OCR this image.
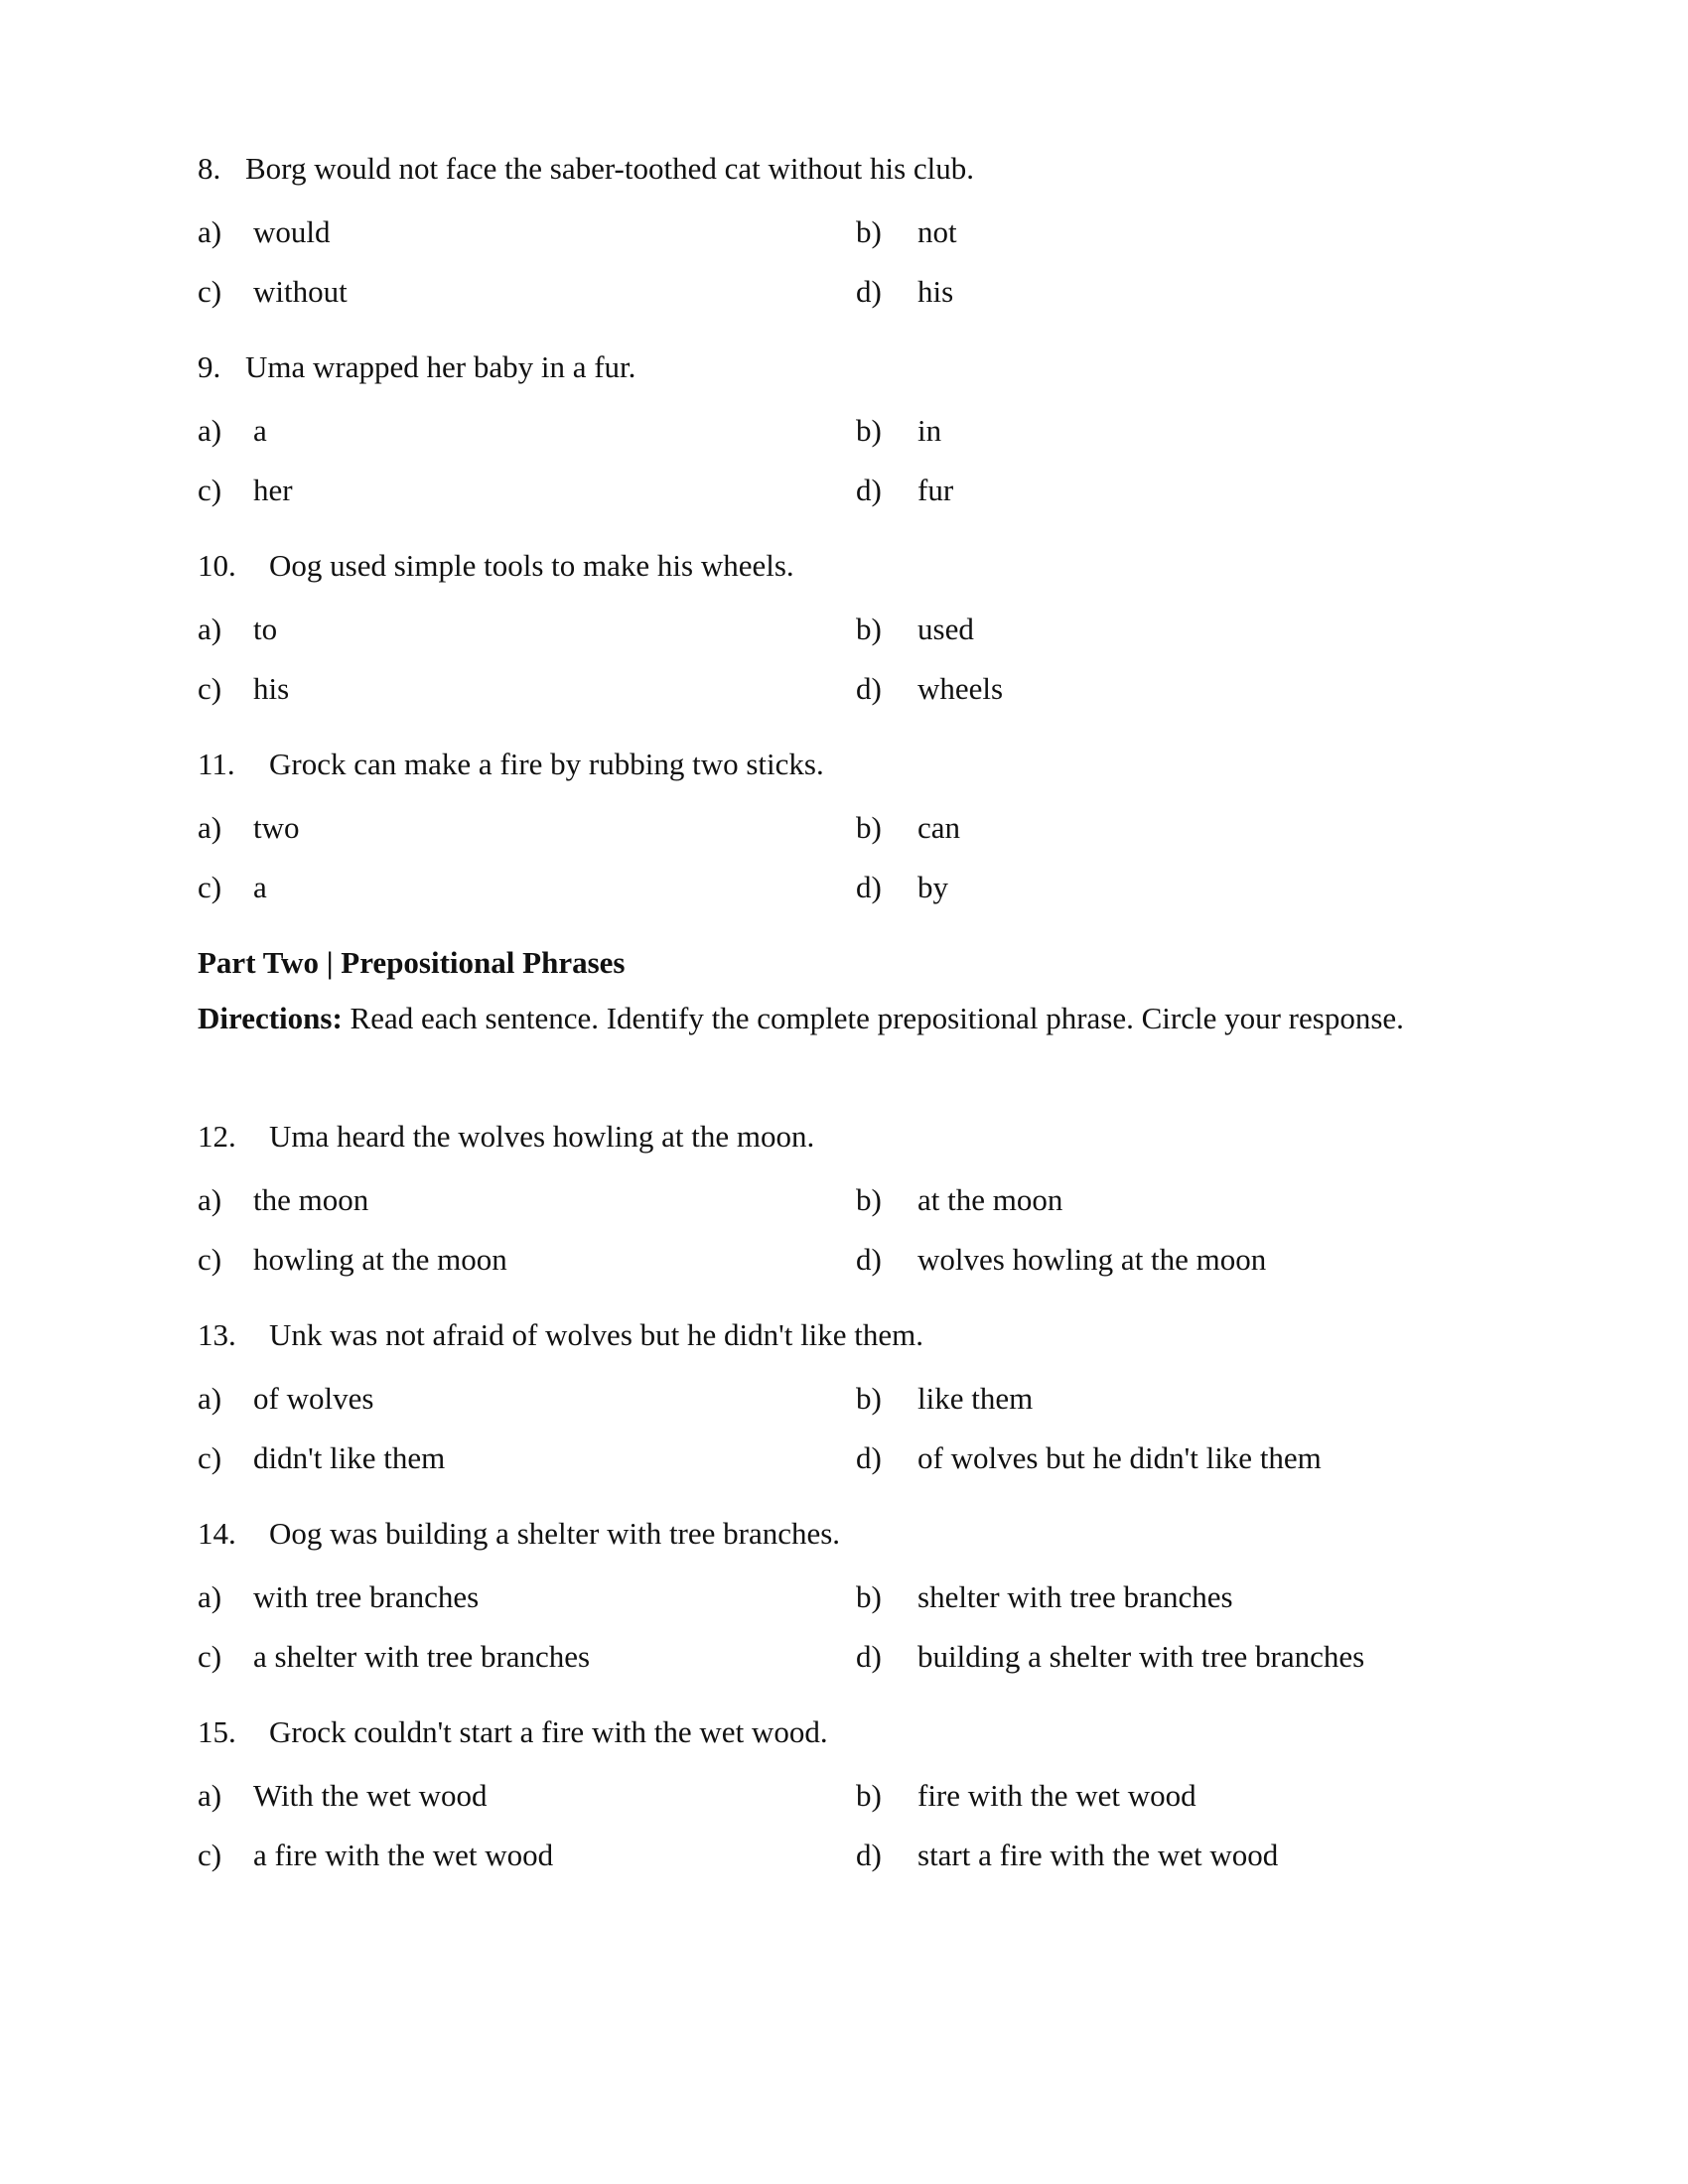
8. Borg would not face the saber-toothed cat without his club.
a) would	b) not
c) without	d) his
9. Uma wrapped her baby in a fur.
a) a	b) in
c) her	d) fur
10. Oog used simple tools to make his wheels.
a) to	b) used
c) his	d) wheels
11. Grock can make a fire by rubbing two sticks.
a) two	b) can
c) a	d) by
Part Two | Prepositional Phrases
Directions: Read each sentence. Identify the complete prepositional phrase. Circle your response.
12. Uma heard the wolves howling at the moon.
a) the moon	b) at the moon
c) howling at the moon	d) wolves howling at the moon
13. Unk was not afraid of wolves but he didn't like them.
a) of wolves	b) like them
c) didn't like them	d) of wolves but he didn't like them
14. Oog was building a shelter with tree branches.
a) with tree branches	b) shelter with tree branches
c) a shelter with tree branches	d) building a shelter with tree branches
15. Grock couldn't start a fire with the wet wood.
a) With the wet wood	b) fire with the wet wood
c) a fire with the wet wood	d) start a fire with the wet wood
